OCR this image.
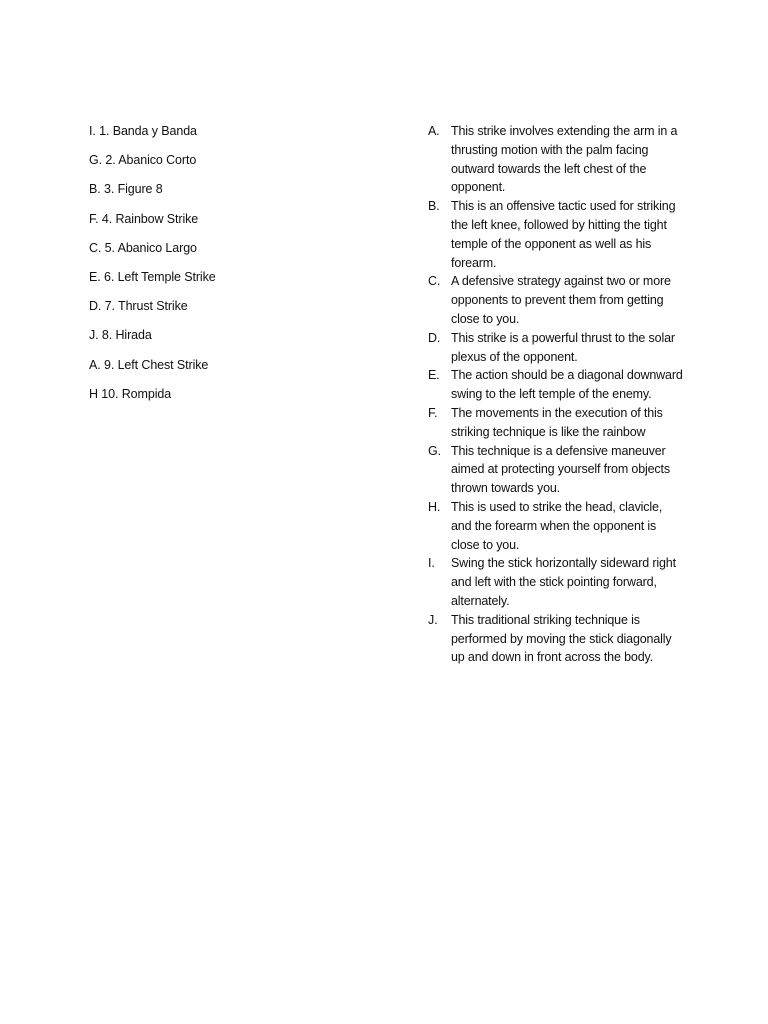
I. 1. Banda y Banda
G. 2. Abanico Corto
B. 3. Figure 8
F. 4. Rainbow Strike
C. 5. Abanico Largo
E. 6. Left Temple Strike
D. 7. Thrust Strike
J. 8. Hirada
A. 9. Left Chest Strike
H 10. Rompida
A. This strike involves extending the arm in a thrusting motion with the palm facing outward towards the left chest of the opponent.
B. This is an offensive tactic used for striking the left knee, followed by hitting the tight temple of the opponent as well as his forearm.
C. A defensive strategy against two or more opponents to prevent them from getting close to you.
D. This strike is a powerful thrust to the solar plexus of the opponent.
E. The action should be a diagonal downward swing to the left temple of the enemy.
F.	The movements in the execution of this striking technique is like the rainbow
G. This technique is a defensive maneuver aimed at protecting yourself from objects thrown towards you.
H. This is used to strike the head, clavicle, and the forearm when the opponent is close to you.
I.	Swing the stick horizontally sideward right and left with the stick pointing forward, alternately.
J.	This traditional striking technique is performed by moving the stick diagonally up and down in front across the body.
